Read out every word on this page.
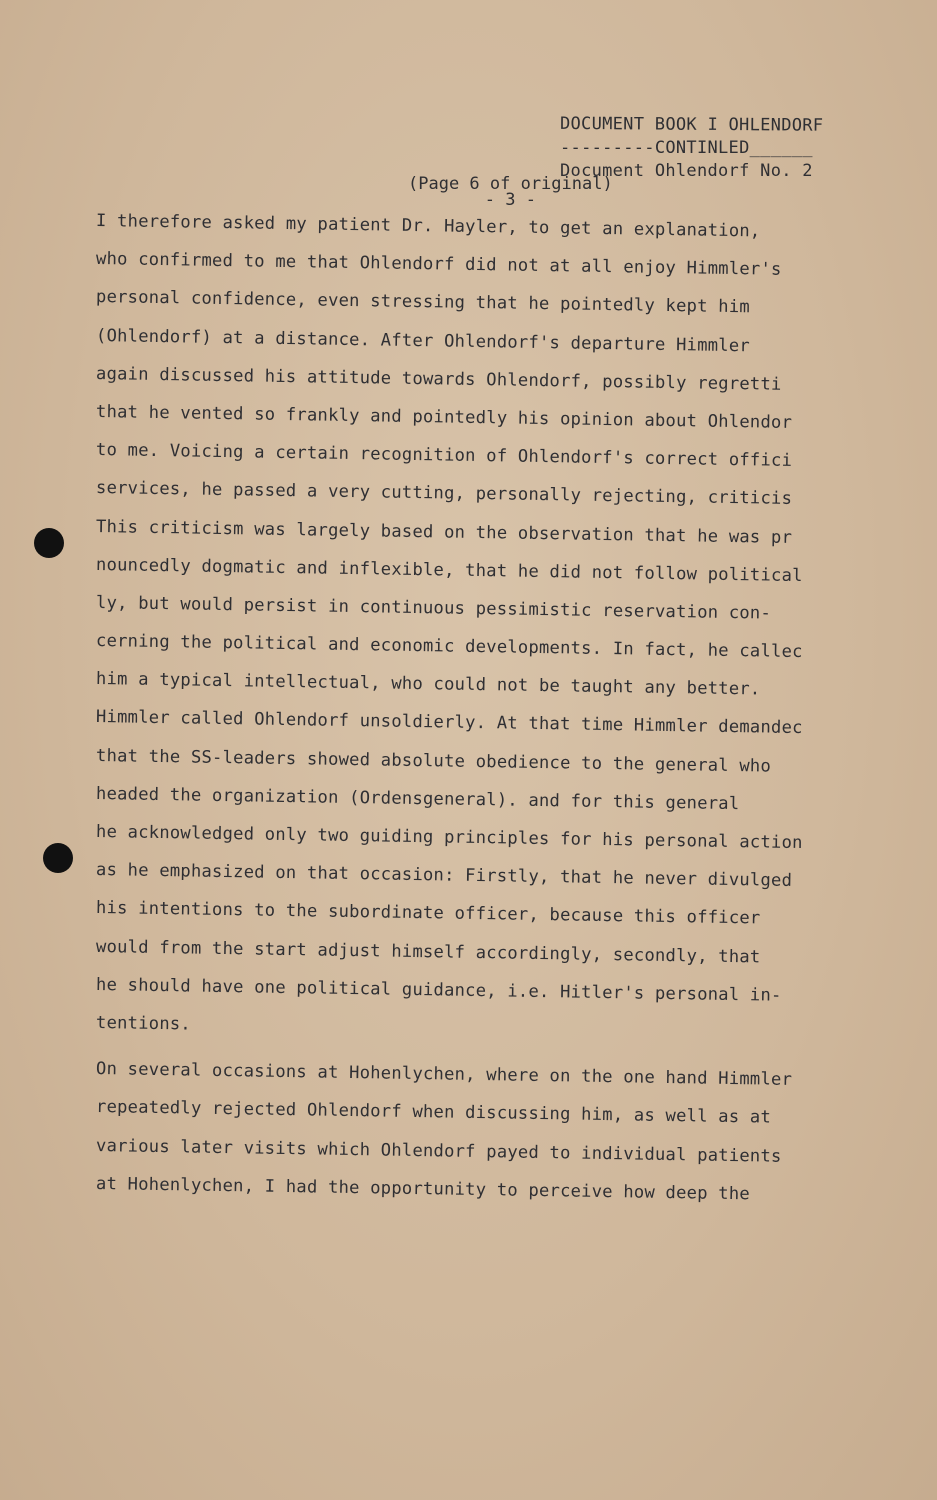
DOCUMENT BOOK I OHLENDORF
---------CONTINLED______
Document Ohlendorf No. 2
(Page 6 of original)
- 3 -
I therefore asked my patient Dr. Hayler, to get an explanation,
who confirmed to me that Ohlendorf did not at all enjoy Himmler's
personal confidence, even stressing that he pointedly kept him
(Ohlendorf) at a distance. After Ohlendorf's departure Himmler
again discussed his attitude towards Ohlendorf, possibly regretti
that he vented so frankly and pointedly his opinion about Ohlendor
to me. Voicing a certain recognition of Ohlendorf's correct offici
services, he passed a very cutting, personally rejecting, criticis
This criticism was largely based on the observation that he was pr
nouncedly dogmatic and inflexible, that he did not follow political
ly, but would persist in continuous pessimistic reservation con-
cerning the political and economic developments. In fact, he callec
him a typical intellectual, who could not be taught any better.
Himmler called Ohlendorf unsoldierly. At that time Himmler demandec
that the SS-leaders showed absolute obedience to the general who
headed the organization (Ordensgeneral). and for this general
he acknowledged only two guiding principles for his personal action
as he emphasized on that occasion: Firstly, that he never divulged
his intentions to the subordinate officer, because this officer
would from the start adjust himself accordingly, secondly, that
he should have one political guidance, i.e. Hitler's personal in-
tentions.
On several occasions at Hohenlychen, where on the one hand Himmler
repeatedly rejected Ohlendorf when discussing him, as well as at
various later visits which Ohlendorf payed to individual patients
at Hohenlychen, I had the opportunity to perceive how deep the
